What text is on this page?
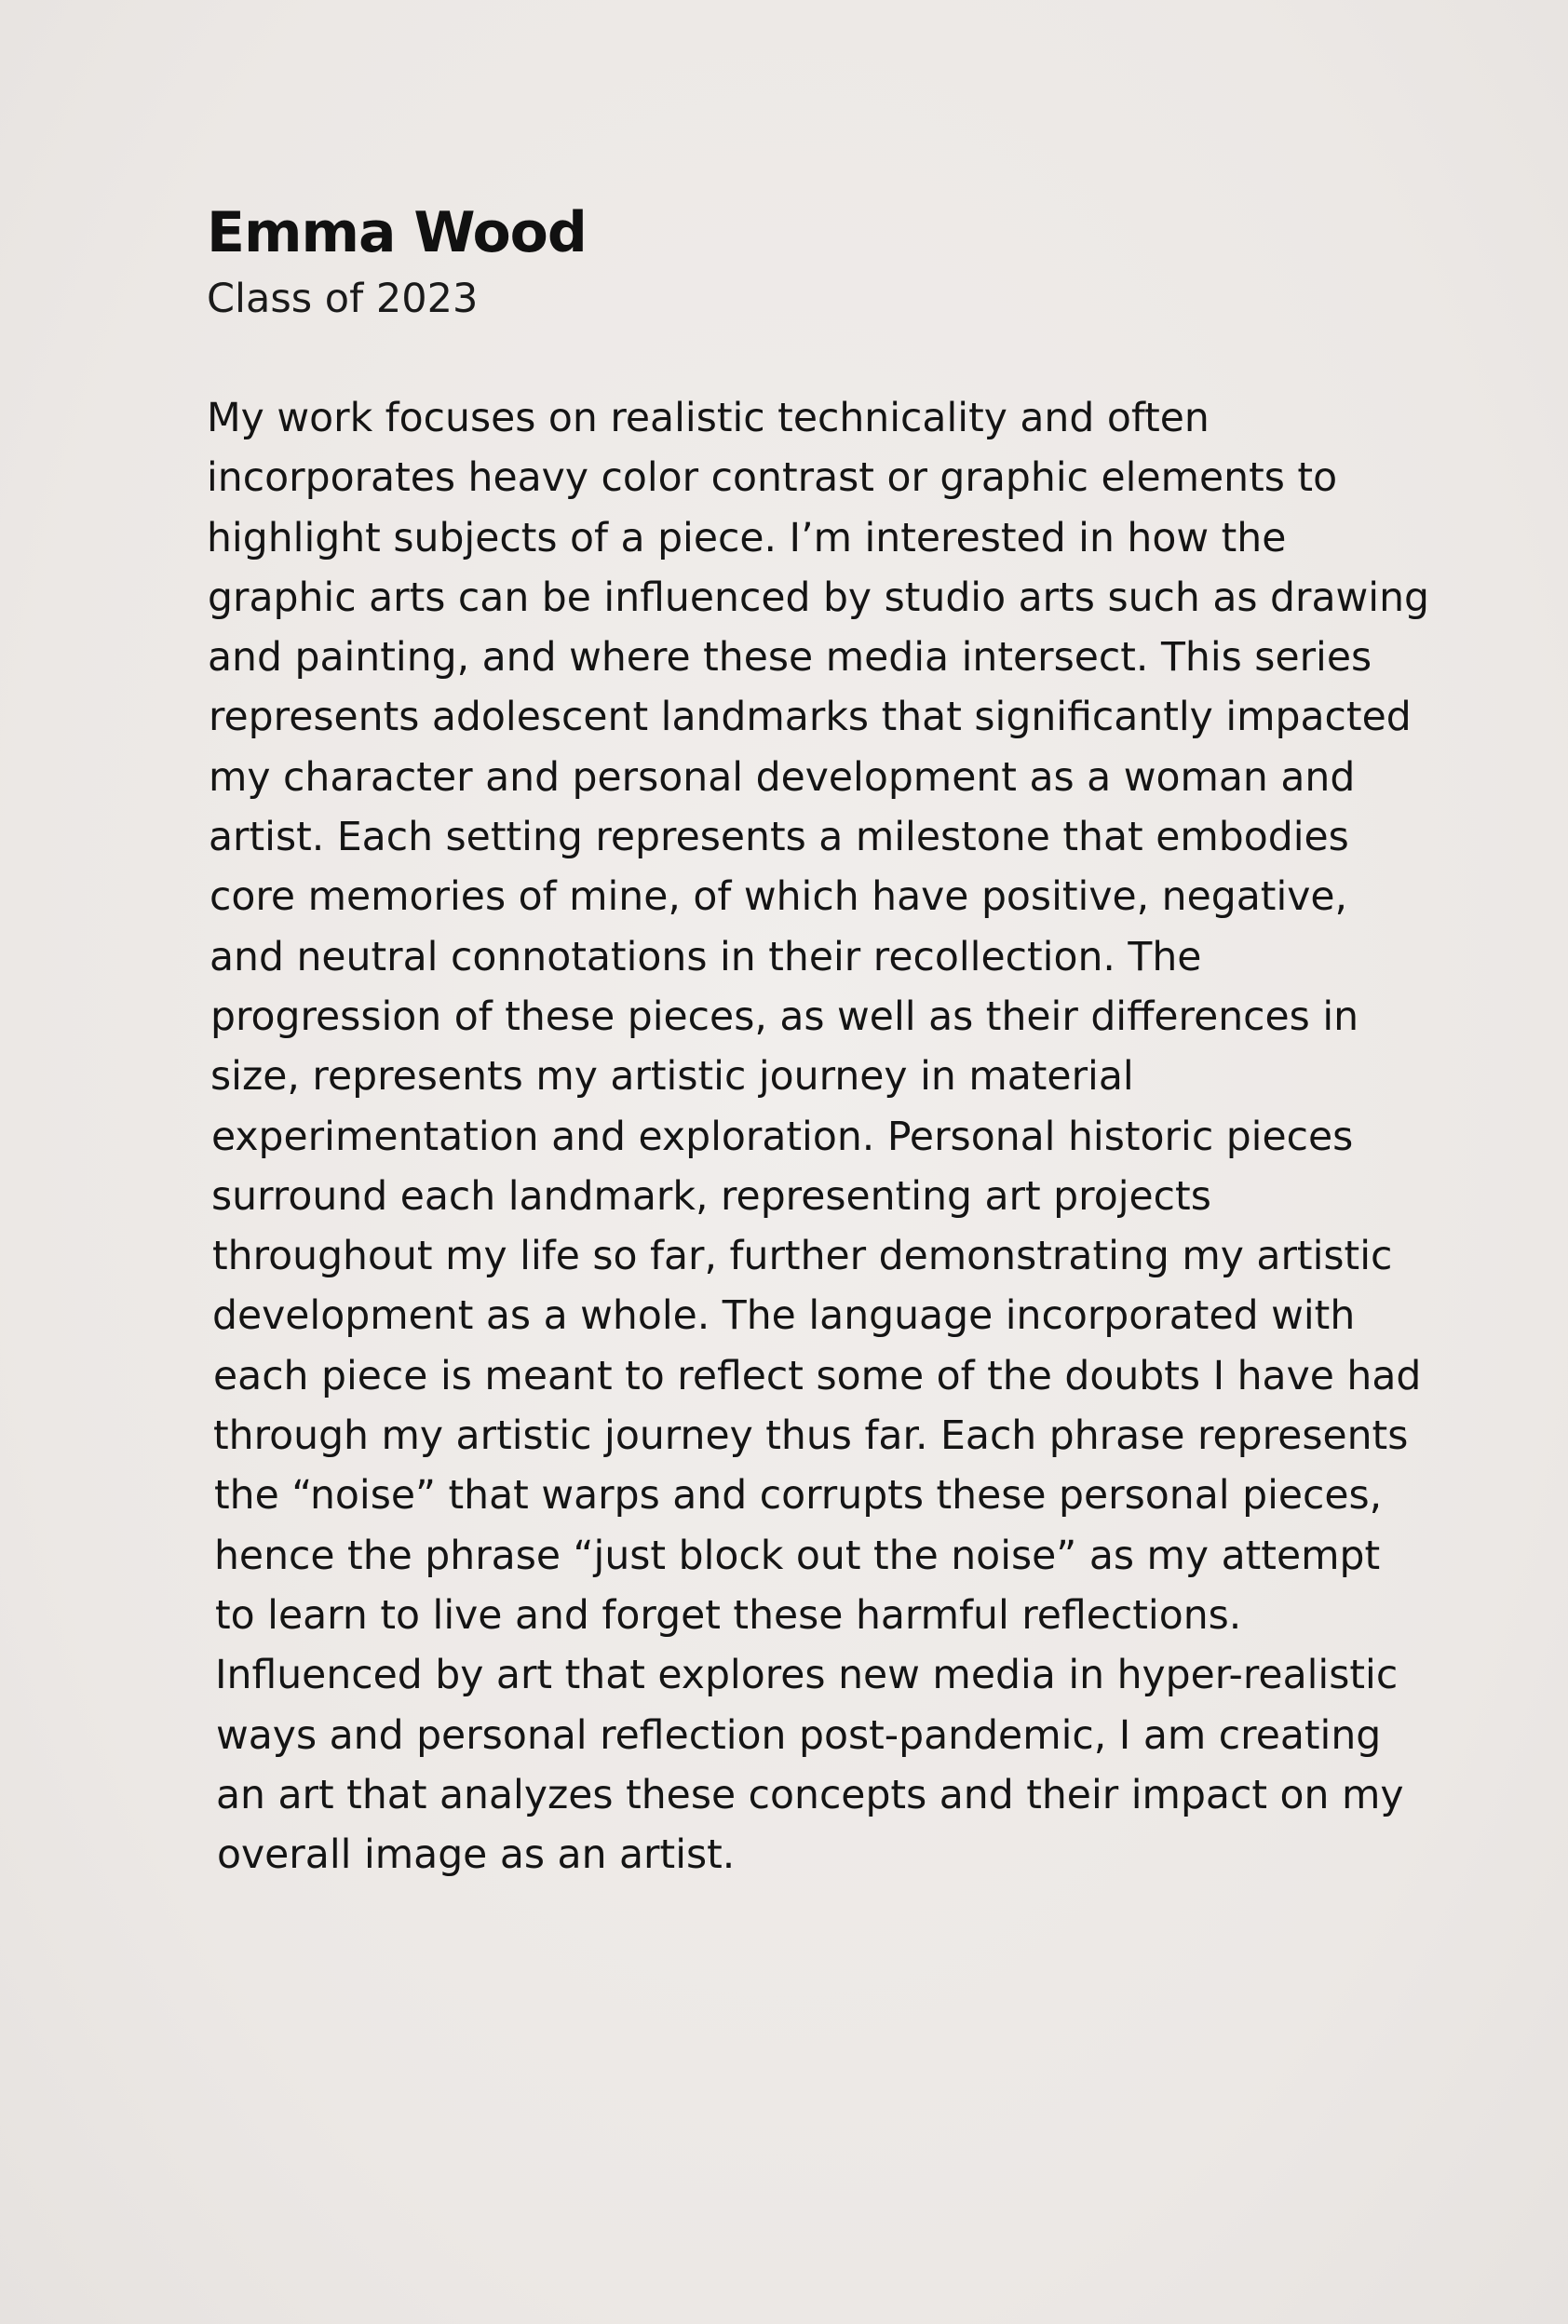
Emma Wood

Class of 2023

My work focuses on realistic technicality and often
incorporates heavy color contrast or graphic elements to
highlight subjects of a piece. I’m interested in how the
graphic arts can be influenced by studio arts such as drawing
and painting, and where these media intersect. This series
represents adolescent landmarks that significantly impacted
my character and personal development as a woman and
artist. Each setting represents a milestone that embodies
core memories of mine, of which have positive, negative,
and neutral connotations in their recollection. The
progression of these pieces, as well as their differences in
size, represents my artistic journey in material
experimentation and exploration. Personal historic pieces
surround each landmark, representing art projects
throughout my life so far, further demonstrating my artistic
development as a whole. The language incorporated with
each piece is meant to reflect some of the doubts I have had
through my artistic journey thus far. Each phrase represents
the “noise” that warps and corrupts these personal pieces,
hence the phrase “just block out the noise” as my attempt
to learn to live and forget these harmful reflections.
Influenced by art that explores new media in hyper-realistic
ways and personal reflection post-pandemic, I am creating
an art that analyzes these concepts and their impact on my
overall image as an artist.
